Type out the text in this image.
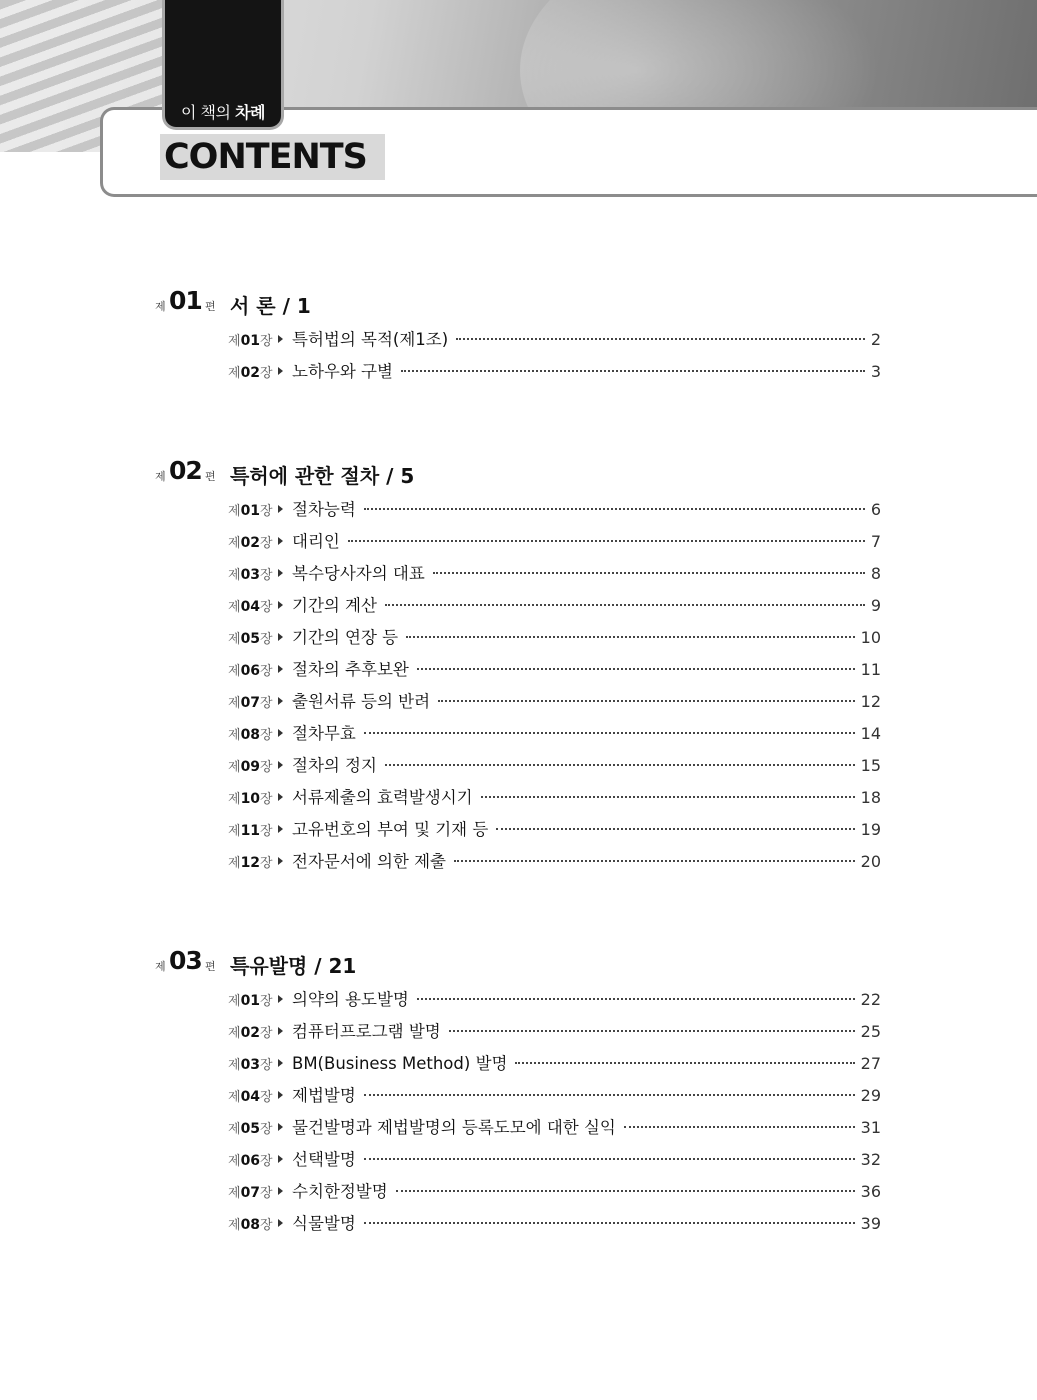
이 책의 차례
CONTENTS
제 01 편 서 론 / 1
제01장 특허법의 목적(제1조)	2
제02장 노하우와 구별	3
제 02 편 특허에 관한 절차 / 5
제01장 절차능력	6
제02장 대리인	7
제03장 복수당사자의 대표	8
제04장 기간의 계산	9
제05장 기간의 연장 등	10
제06장 절차의 추후보완	11
제07장 출원서류 등의 반려	12
제08장 절차무효	14
제09장 절차의 정지	15
제10장 서류제출의 효력발생시기	18
제11장 고유번호의 부여 및 기재 등	19
제12장 전자문서에 의한 제출	20
제 03 편 특유발명 / 21
제01장 의약의 용도발명	22
제02장 컴퓨터프로그램 발명	25
제03장 BM(Business Method) 발명	27
제04장 제법발명	29
제05장 물건발명과 제법발명의 등록도모에 대한 실익	31
제06장 선택발명	32
제07장 수치한정발명	36
제08장 식물발명	39
